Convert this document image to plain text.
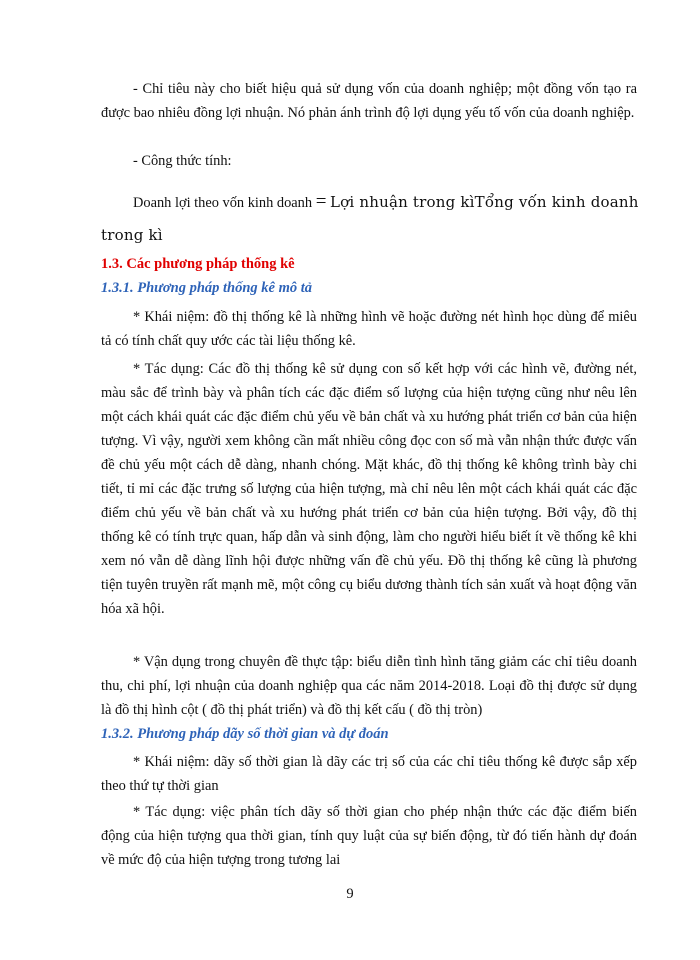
- Chỉ tiêu này cho biết hiệu quả sử dụng vốn của doanh nghiệp; một đồng vốn tạo ra được bao nhiêu đồng lợi nhuận. Nó phản ánh trình độ lợi dụng yếu tố vốn của doanh nghiệp.

- Công thức tính:

Doanh lợi theo vốn kinh doanh = Lợi nhuận trong kìTổng vốn kinh doanh trong kì

1.3. Các phương pháp thống kê
1.3.1. Phương pháp thống kê mô tả

* Khái niệm: đồ thị thống kê là những hình vẽ hoặc đường nét hình học dùng để miêu tả có tính chất quy ước các tài liệu thống kê.

* Tác dụng: Các đồ thị thống kê sử dụng con số kết hợp với các hình vẽ, đường nét, màu sắc để trình bày và phân tích các đặc điểm số lượng của hiện tượng cũng như nêu lên một cách khái quát các đặc điểm chủ yếu về bản chất và xu hướng phát triển cơ bản của hiện tượng. Vì vậy, người xem không cần mất nhiều công đọc con số mà vẫn nhận thức được vấn đề chủ yếu một cách dễ dàng, nhanh chóng. Mặt khác, đồ thị thống kê không trình bày chi tiết, tỉ mỉ các đặc trưng số lượng của hiện tượng, mà chỉ nêu lên một cách khái quát các đặc điểm chủ yếu về bản chất và xu hướng phát triển cơ bản của hiện tượng. Bởi vậy, đồ thị thống kê có tính trực quan, hấp dẫn và sinh động, làm cho người hiểu biết ít về thống kê khi xem nó vẫn dễ dàng lĩnh hội được những vấn đề chủ yếu. Đồ thị thống kê cũng là phương tiện tuyên truyền rất mạnh mẽ, một công cụ biểu dương thành tích sản xuất và hoạt động văn hóa xã hội.

* Vận dụng trong chuyên đề thực tập: biểu diễn tình hình tăng giảm các chỉ tiêu doanh thu, chi phí, lợi nhuận của doanh nghiệp qua các năm 2014-2018. Loại đồ thị được sử dụng là đồ thị hình cột ( đồ thị phát triển) và đồ thị kết cấu ( đồ thị tròn)

1.3.2. Phương pháp dãy số thời gian và dự đoán

* Khái niệm: dãy số thời gian là dãy các trị số của các chỉ tiêu thống kê được sắp xếp theo thứ tự thời gian

* Tác dụng: việc phân tích dãy số thời gian cho phép nhận thức các đặc điểm biến động của hiện tượng qua thời gian, tính quy luật của sự biến động, từ đó tiến hành dự đoán về mức độ của hiện tượng trong tương lai

9
